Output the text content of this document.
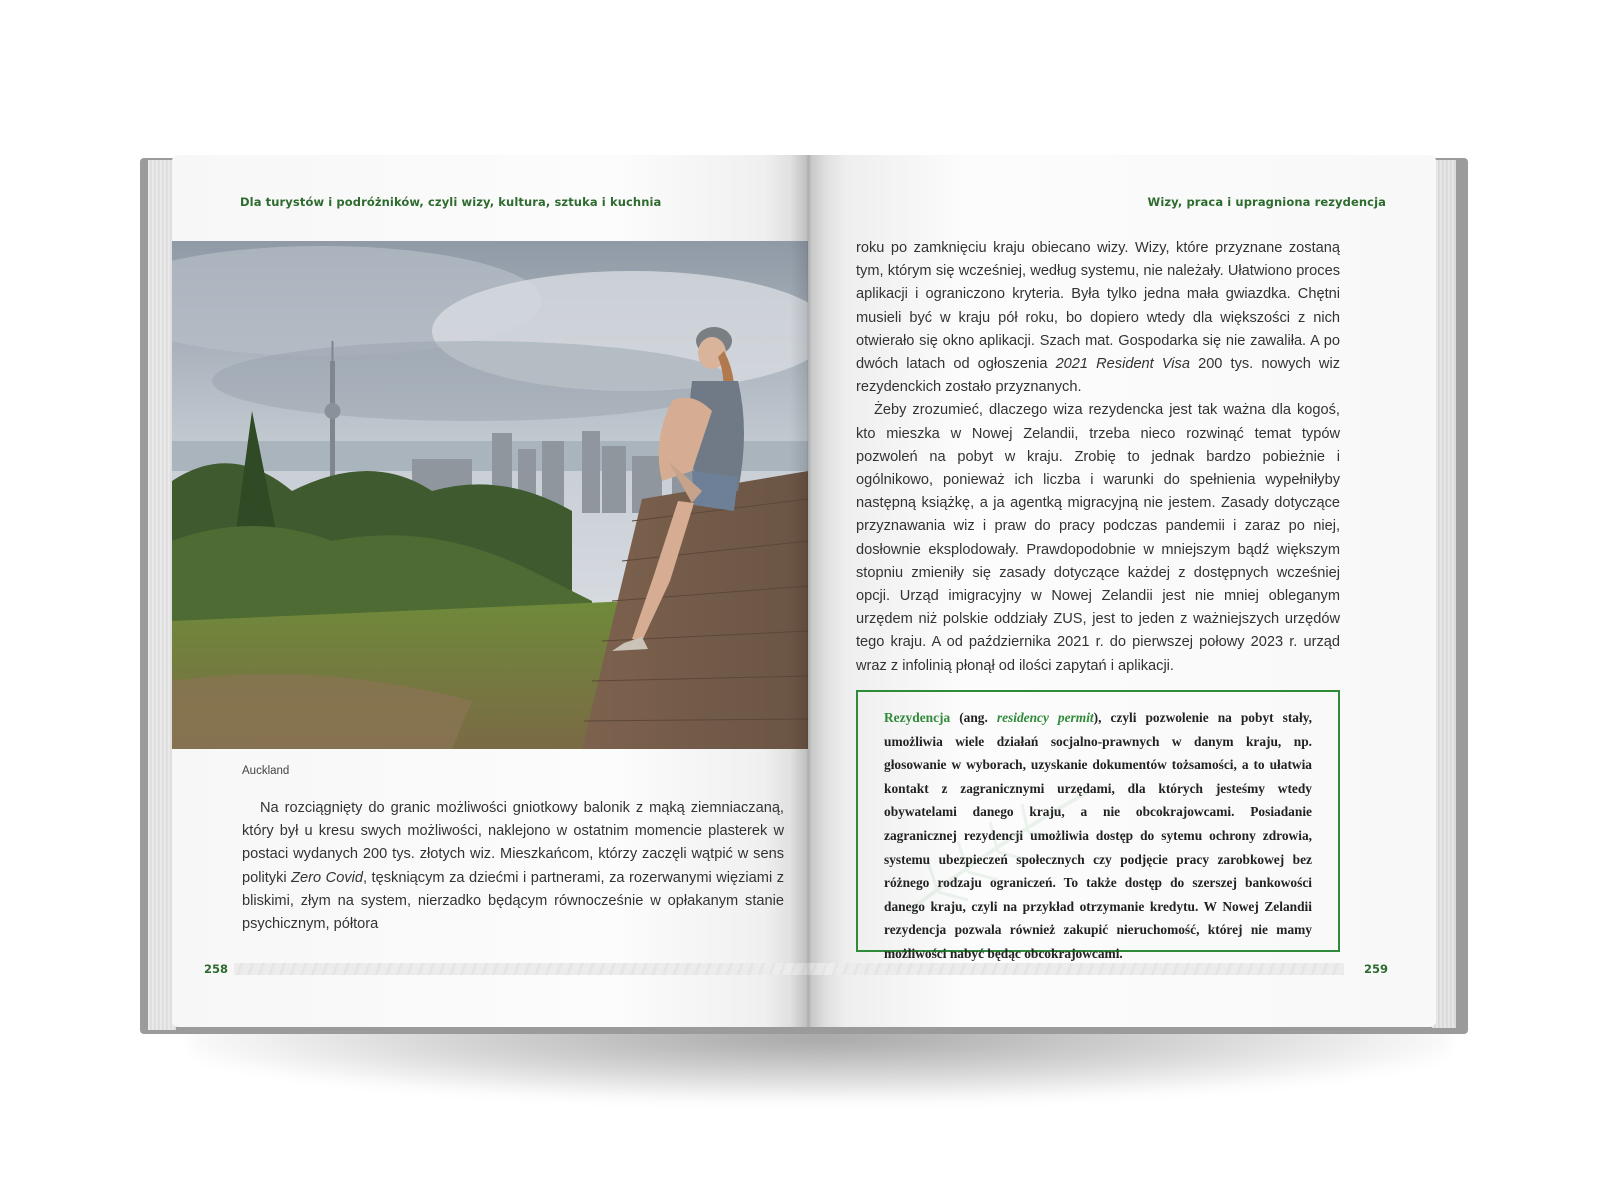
Dla turystów i podróżników, czyli wizy, kultura, sztuka i kuchnia
Auckland

Na rozciągnięty do granic możliwości gniotkowy balonik z mąką ziemniaczaną, który był u kresu swych możliwości, naklejono w ostatnim momencie plasterek w postaci wydanych 200 tys. złotych wiz. Mieszkańcom, którzy zaczęli wątpić w sens polityki Zero Covid, tęskniącym za dziećmi i partnerami, za rozerwanymi więziami z bliskimi, złym na system, nierzadko będącym równocześnie w opłakanym stanie psychicznym, półtora

258
Wizy, praca i upragniona rezydencja

roku po zamknięciu kraju obiecano wizy. Wizy, które przyznane zostaną tym, którym się wcześniej, według systemu, nie należały. Ułatwiono proces aplikacji i ograniczono kryteria. Była tylko jedna mała gwiazdka. Chętni musieli być w kraju pół roku, bo dopiero wtedy dla większości z nich otwierało się okno aplikacji. Szach mat. Gospodarka się nie zawaliła. A po dwóch latach od ogłoszenia 2021 Resident Visa 200 tys. nowych wiz rezydenckich zostało przyznanych.

Żeby zrozumieć, dlaczego wiza rezydencka jest tak ważna dla kogoś, kto mieszka w Nowej Zelandii, trzeba nieco rozwinąć temat typów pozwoleń na pobyt w kraju. Zrobię to jednak bardzo pobieżnie i ogólnikowo, ponieważ ich liczba i warunki do spełnienia wypełniłyby następną książkę, a ja agentką migracyjną nie jestem. Zasady dotyczące przyznawania wiz i praw do pracy podczas pandemii i zaraz po niej, dosłownie eksplodowały. Prawdopodobnie w mniejszym bądź większym stopniu zmieniły się zasady dotyczące każdej z dostępnych wcześniej opcji. Urząd imigracyjny w Nowej Zelandii jest nie mniej obleganym urzędem niż polskie oddziały ZUS, jest to jeden z ważniejszych urzędów tego kraju. A od października 2021 r. do pierwszej połowy 2023 r. urząd wraz z infolinią płonął od ilości zapytań i aplikacji.

Rezydencja (ang. residency permit), czyli pozwolenie na pobyt stały, umożliwia wiele działań socjalno-prawnych w danym kraju, np. głosowanie w wyborach, uzyskanie dokumentów tożsamości, a to ułatwia kontakt z zagranicznymi urzędami, dla których jesteśmy wtedy obywatelami danego kraju, a nie obcokrajowcami. Posiadanie zagranicznej rezydencji umożliwia dostęp do sytemu ochrony zdrowia, systemu ubezpieczeń społecznych czy podjęcie pracy zarobkowej bez różnego rodzaju ograniczeń. To także dostęp do szerszej bankowości danego kraju, czyli na przykład otrzymanie kredytu. W Nowej Zelandii rezydencja pozwala również zakupić nieruchomość, której nie mamy możliwości nabyć będąc obcokrajowcami.
259
